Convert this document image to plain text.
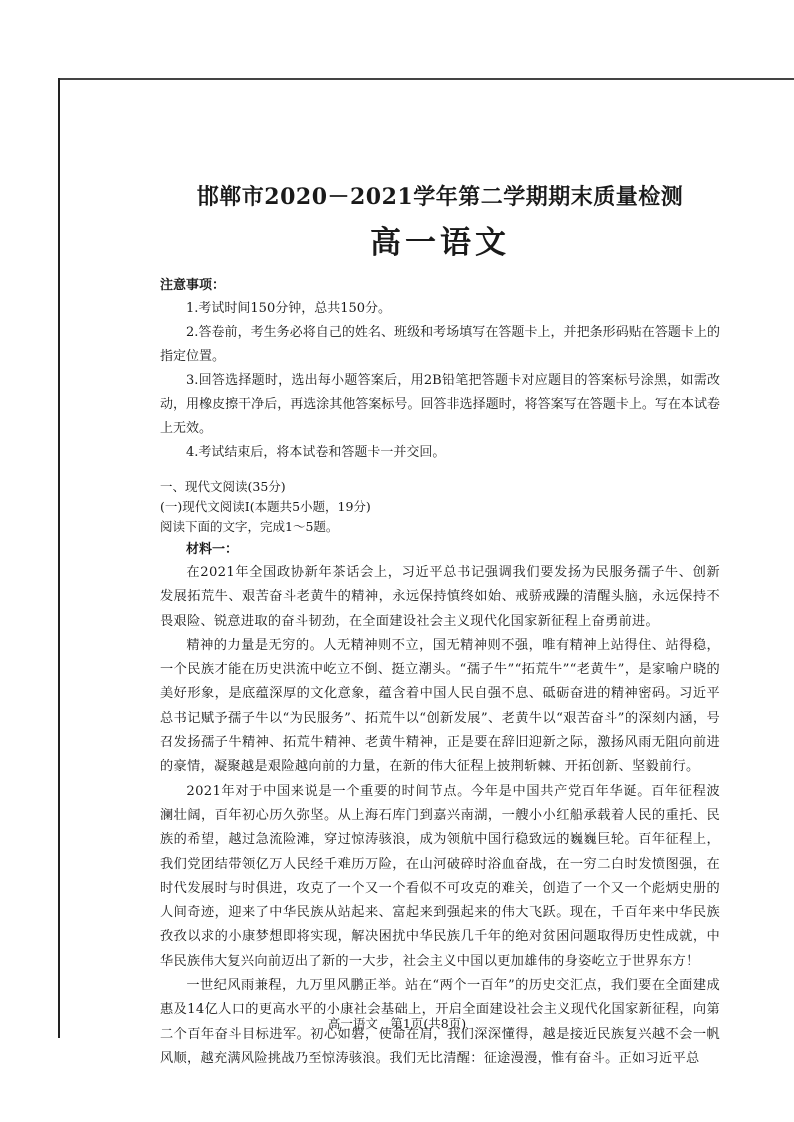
邯郸市2020－2021学年第二学期期末质量检测
高一语文

注意事项：

1.考试时间150分钟，总共150分。

2.答卷前，考生务必将自己的姓名、班级和考场填写在答题卡上，并把条形码贴在答题卡上的指定位置。

3.回答选择题时，选出每小题答案后，用2B铅笔把答题卡对应题目的答案标号涂黑，如需改动，用橡皮擦干净后，再选涂其他答案标号。回答非选择题时，将答案写在答题卡上。写在本试卷上无效。

4.考试结束后，将本试卷和答题卡一并交回。

一、现代文阅读(35分)

(一)现代文阅读Ⅰ(本题共5小题，19分)

阅读下面的文字，完成1～5题。

材料一：

在2021年全国政协新年茶话会上，习近平总书记强调我们要发扬为民服务孺子牛、创新发展拓荒牛、艰苦奋斗老黄牛的精神，永远保持慎终如始、戒骄戒躁的清醒头脑，永远保持不畏艰险、锐意进取的奋斗韧劲，在全面建设社会主义现代化国家新征程上奋勇前进。

精神的力量是无穷的。人无精神则不立，国无精神则不强，唯有精神上站得住、站得稳，一个民族才能在历史洪流中屹立不倒、挺立潮头。“孺子牛”“拓荒牛”“老黄牛”，是家喻户晓的美好形象，是底蕴深厚的文化意象，蕴含着中国人民自强不息、砥砺奋进的精神密码。习近平总书记赋予孺子牛以“为民服务”、拓荒牛以“创新发展”、老黄牛以“艰苦奋斗”的深刻内涵，号召发扬孺子牛精神、拓荒牛精神、老黄牛精神，正是要在辞旧迎新之际，激扬风雨无阻向前进的豪情，凝聚越是艰险越向前的力量，在新的伟大征程上披荆斩棘、开拓创新、坚毅前行。

2021年对于中国来说是一个重要的时间节点。今年是中国共产党百年华诞。百年征程波澜壮阔，百年初心历久弥坚。从上海石库门到嘉兴南湖，一艘小小红船承载着人民的重托、民族的希望，越过急流险滩，穿过惊涛骇浪，成为领航中国行稳致远的巍巍巨轮。百年征程上，我们党团结带领亿万人民经千难历万险，在山河破碎时浴血奋战，在一穷二白时发愤图强，在时代发展时与时俱进，攻克了一个又一个看似不可攻克的难关，创造了一个又一个彪炳史册的人间奇迹，迎来了中华民族从站起来、富起来到强起来的伟大飞跃。现在，千百年来中华民族孜孜以求的小康梦想即将实现，解决困扰中华民族几千年的绝对贫困问题取得历史性成就，中华民族伟大复兴向前迈出了新的一大步，社会主义中国以更加雄伟的身姿屹立于世界东方！

一世纪风雨兼程，九万里风鹏正举。站在“两个一百年”的历史交汇点，我们要在全面建成惠及14亿人口的更高水平的小康社会基础上，开启全面建设社会主义现代化国家新征程，向第二个百年奋斗目标进军。初心如磐，使命在肩，我们深深懂得，越是接近民族复兴越不会一帆风顺，越充满风险挑战乃至惊涛骇浪。我们无比清醒：征途漫漫，惟有奋斗。正如习近平总

高一语文　第1页(共8页)
